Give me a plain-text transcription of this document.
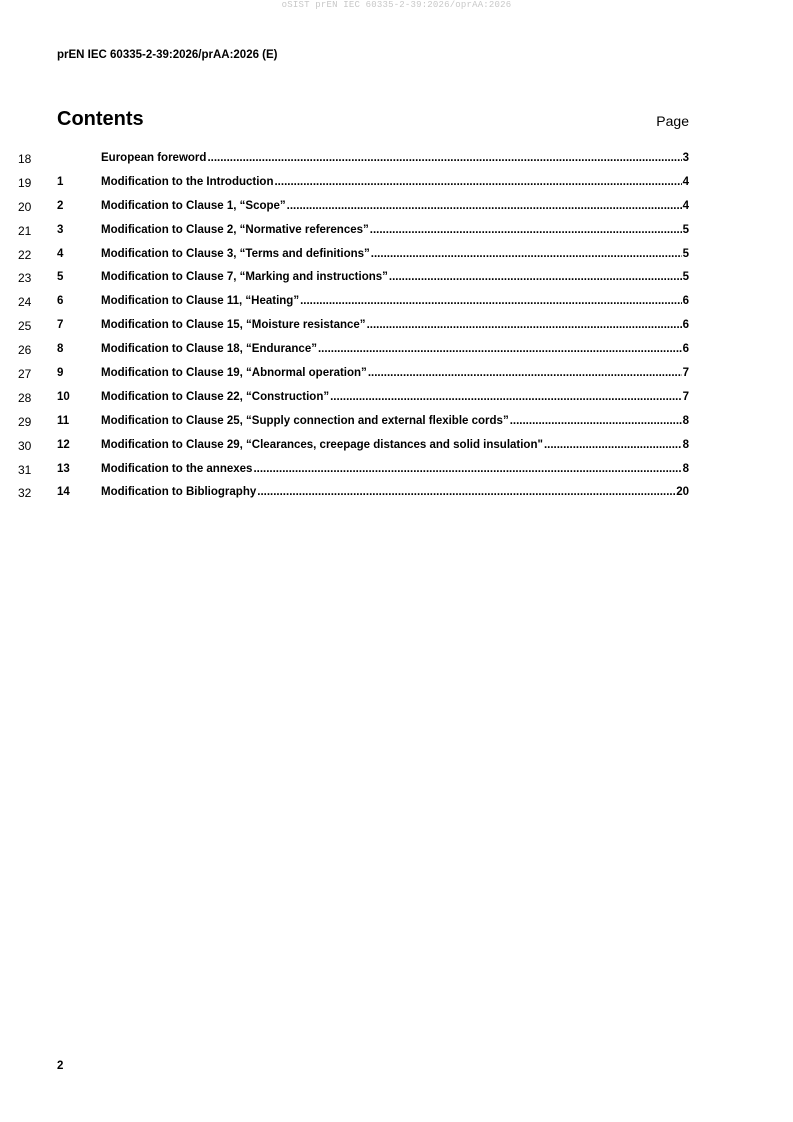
oSIST prEN IEC 60335-2-39:2026/oprAA:2026
prEN IEC 60335-2-39:2026/prAA:2026 (E)
Contents	Page
18	European foreword .....	3
19 1	Modification to the Introduction .....	4
20 2	Modification to Clause 1, “Scope” .....	4
21 3	Modification to Clause 2, “Normative references” .....	5
22 4	Modification to Clause 3, “Terms and definitions” .....	5
23 5	Modification to Clause 7, “Marking and instructions” .....	5
24 6	Modification to Clause 11, “Heating” .....	6
25 7	Modification to Clause 15, “Moisture resistance” .....	6
26 8	Modification to Clause 18, “Endurance” .....	6
27 9	Modification to Clause 19, “Abnormal operation” .....	7
28 10	Modification to Clause 22, “Construction” .....	7
29 11	Modification to Clause 25, “Supply connection and external flexible cords” .....	8
30 12	Modification to Clause 29, “Clearances, creepage distances and solid insulation" .....	8
31 13	Modification to the annexes .....	8
32 14	Modification to Bibliography .....	20
2
